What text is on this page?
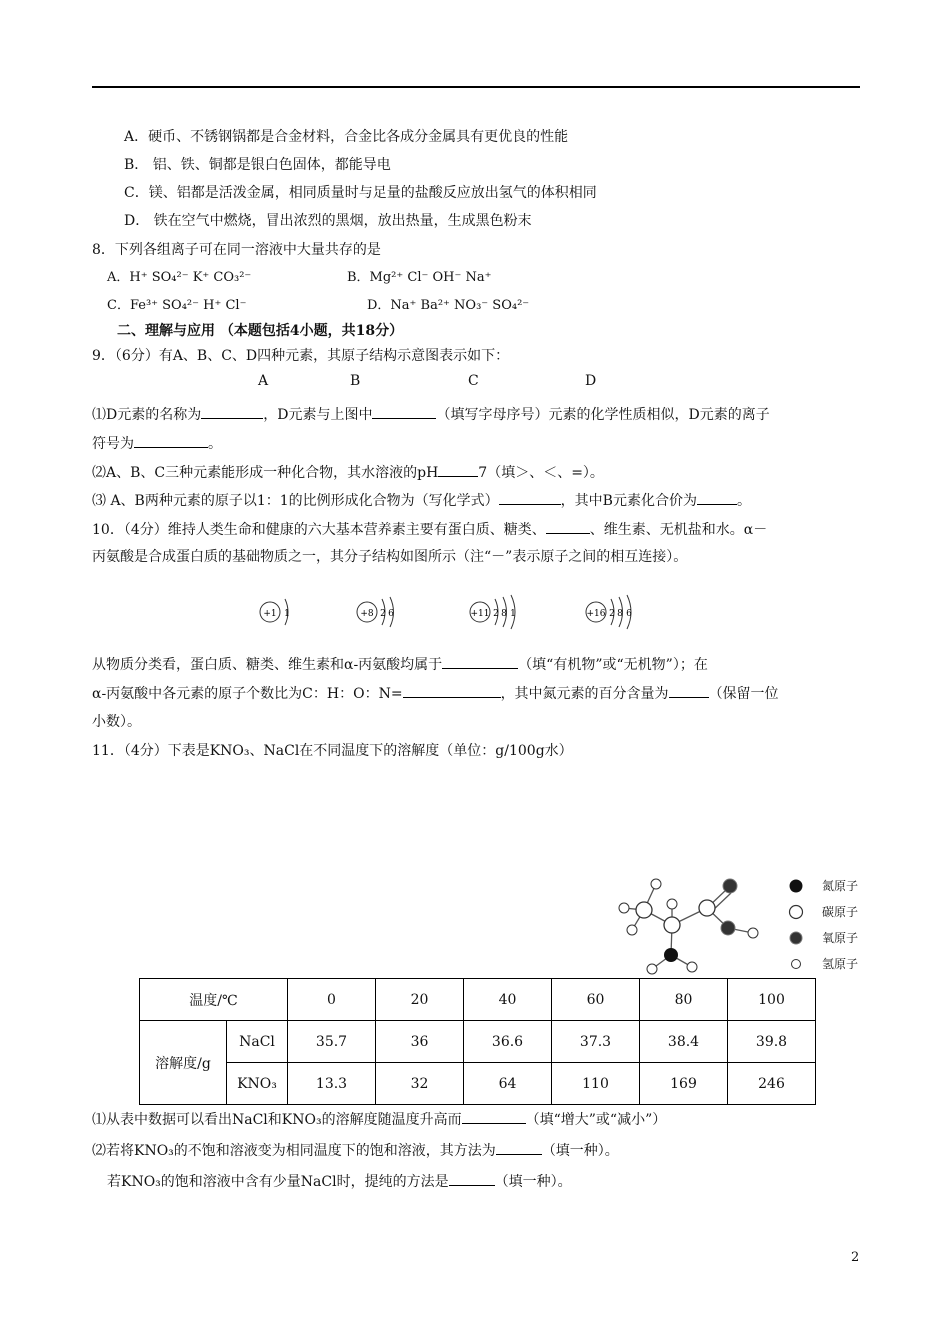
A．硬币、不锈钢锅都是合金材料，合金比各成分金属具有更优良的性能
B． 铝、铁、铜都是银白色固体，都能导电
C．镁、铝都是活泼金属，相同质量时与足量的盐酸反应放出氢气的体积相同
D． 铁在空气中燃烧，冒出浓烈的黑烟，放出热量，生成黑色粉末
8．下列各组离子可在同一溶液中大量共存的是
A．H⁺ SO₄²⁻ K⁺ CO₃²⁻	B．Mg²⁺ Cl⁻ OH⁻ Na⁺
C．Fe³⁺ SO₄²⁻ H⁺ Cl⁻	D．Na⁺ Ba²⁺ NO₃⁻ SO₄²⁻
二、理解与应用 （本题包括4小题，共18分）
9．（6分）有A、B、C、D四种元素，其原子结构示意图表示如下：
A	B	C	D
⑴D元素的名称为	，D元素与上图中	（填写字母序号）元素的化学性质相似，D元素的离子
符号为	。
⑵A、B、C三种元素能形成一种化合物，其水溶液的pH	7（填＞、＜、=）。
⑶ A、B两种元素的原子以1：1的比例形成化合物为（写化学式）	，其中B元素化合价为	。
10．（4分）维持人类生命和健康的六大基本营养素主要有蛋白质、糖类、	、维生素、无机盐和水。α－
丙氨酸是合成蛋白质的基础物质之一，其分子结构如图所示（注“－”表示原子之间的相互连接）。
+1 1	+8 2 6	+11 2 8 1	+16 2 8 6
从物质分类看，蛋白质、糖类、维生素和α-丙氨酸均属于	（填“有机物”或“无机物”）；在
α-丙氨酸中各元素的原子个数比为C：H：O：N=	，其中氮元素的百分含量为	（保留一位
小数）。
11．（4分）下表是KNO₃、NaCl在不同温度下的溶解度（单位：g/100g水）
氮原子
碳原子
氧原子
氢原子
温度/℃		0	20	40	60	80	100
溶解度/g	NaCl	35.7	36	36.6	37.3	38.4	39.8
	KNO₃	13.3	32	64	110	169	246
⑴从表中数据可以看出NaCl和KNO₃的溶解度随温度升高而	（填“增大”或“减小”）
⑵若将KNO₃的不饱和溶液变为相同温度下的饱和溶液，其方法为	（填一种）。
若KNO₃的饱和溶液中含有少量NaCl时，提纯的方法是	（填一种）。
2
